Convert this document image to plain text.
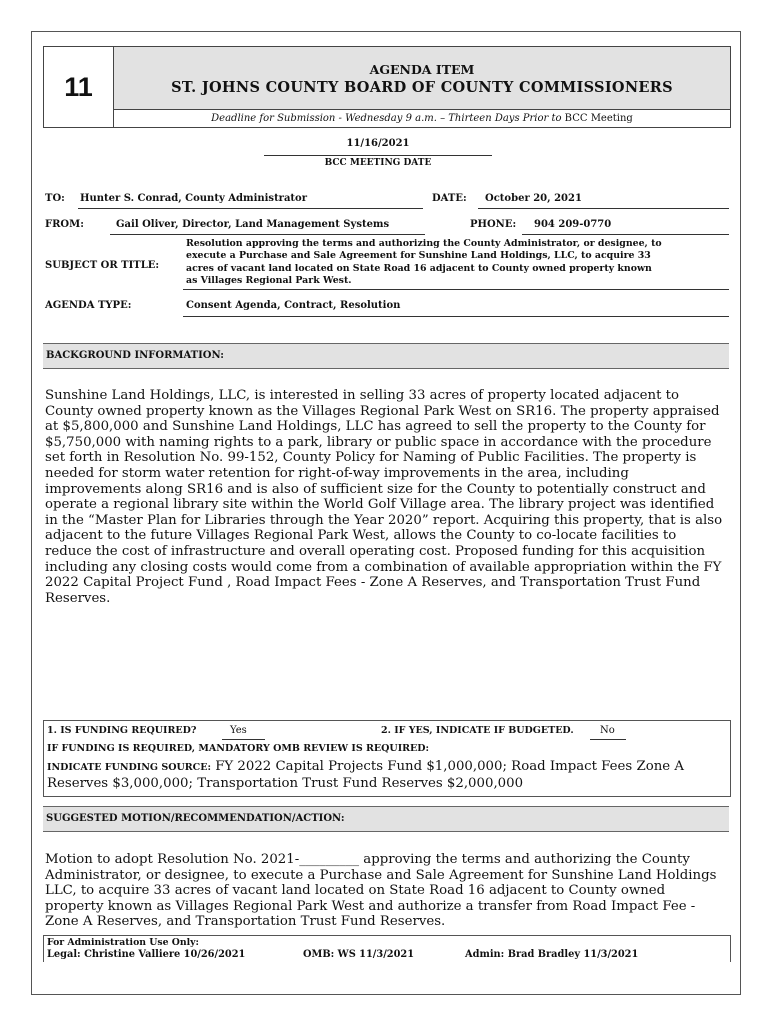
11
AGENDA ITEM
ST. JOHNS COUNTY BOARD OF COUNTY COMMISSIONERS
Deadline for Submission - Wednesday 9 a.m. – Thirteen Days Prior to BCC Meeting
11/16/2021
BCC MEETING DATE
TO: Hunter S. Conrad, County Administrator	DATE: October 20, 2021
FROM:	Gail Oliver, Director, Land Management Systems	PHONE: 904 209-0770
SUBJECT OR TITLE:
Resolution approving the terms and authorizing the County Administrator, or designee, to
execute a Purchase and Sale Agreement for Sunshine Land Holdings, LLC, to acquire 33
acres of vacant land located on State Road 16 adjacent to County owned property known
as Villages Regional Park West.
AGENDA TYPE:	Consent Agenda, Contract, Resolution
BACKGROUND INFORMATION:
Sunshine Land Holdings, LLC, is interested in selling 33 acres of property located adjacent to
County owned property known as the Villages Regional Park West on SR16. The property appraised
at $5,800,000 and Sunshine Land Holdings, LLC has agreed to sell the property to the County for
$5,750,000 with naming rights to a park, library or public space in accordance with the procedure
set forth in Resolution No. 99-152, County Policy for Naming of Public Facilities. The property is
needed for storm water retention for right-of-way improvements in the area, including
improvements along SR16 and is also of sufficient size for the County to potentially construct and
operate a regional library site within the World Golf Village area. The library project was identified
in the “Master Plan for Libraries through the Year 2020” report. Acquiring this property, that is also
adjacent to the future Villages Regional Park West, allows the County to co-locate facilities to
reduce the cost of infrastructure and overall operating cost. Proposed funding for this acquisition
including any closing costs would come from a combination of available appropriation within the FY
2022 Capital Project Fund , Road Impact Fees - Zone A Reserves, and Transportation Trust Fund
Reserves.
1. IS FUNDING REQUIRED?	Yes	2. IF YES, INDICATE IF BUDGETED.	No
IF FUNDING IS REQUIRED, MANDATORY OMB REVIEW IS REQUIRED:
INDICATE FUNDING SOURCE: FY 2022 Capital Projects Fund $1,000,000; Road Impact Fees Zone A
Reserves $3,000,000; Transportation Trust Fund Reserves $2,000,000
SUGGESTED MOTION/RECOMMENDATION/ACTION:
Motion to adopt Resolution No. 2021-_________ approving the terms and authorizing the County
Administrator, or designee, to execute a Purchase and Sale Agreement for Sunshine Land Holdings
LLC, to acquire 33 acres of vacant land located on State Road 16 adjacent to County owned
property known as Villages Regional Park West and authorize a transfer from Road Impact Fee -
Zone A Reserves, and Transportation Trust Fund Reserves.
For Administration Use Only:
Legal: Christine Valliere 10/26/2021	OMB: WS 11/3/2021	Admin: Brad Bradley 11/3/2021
